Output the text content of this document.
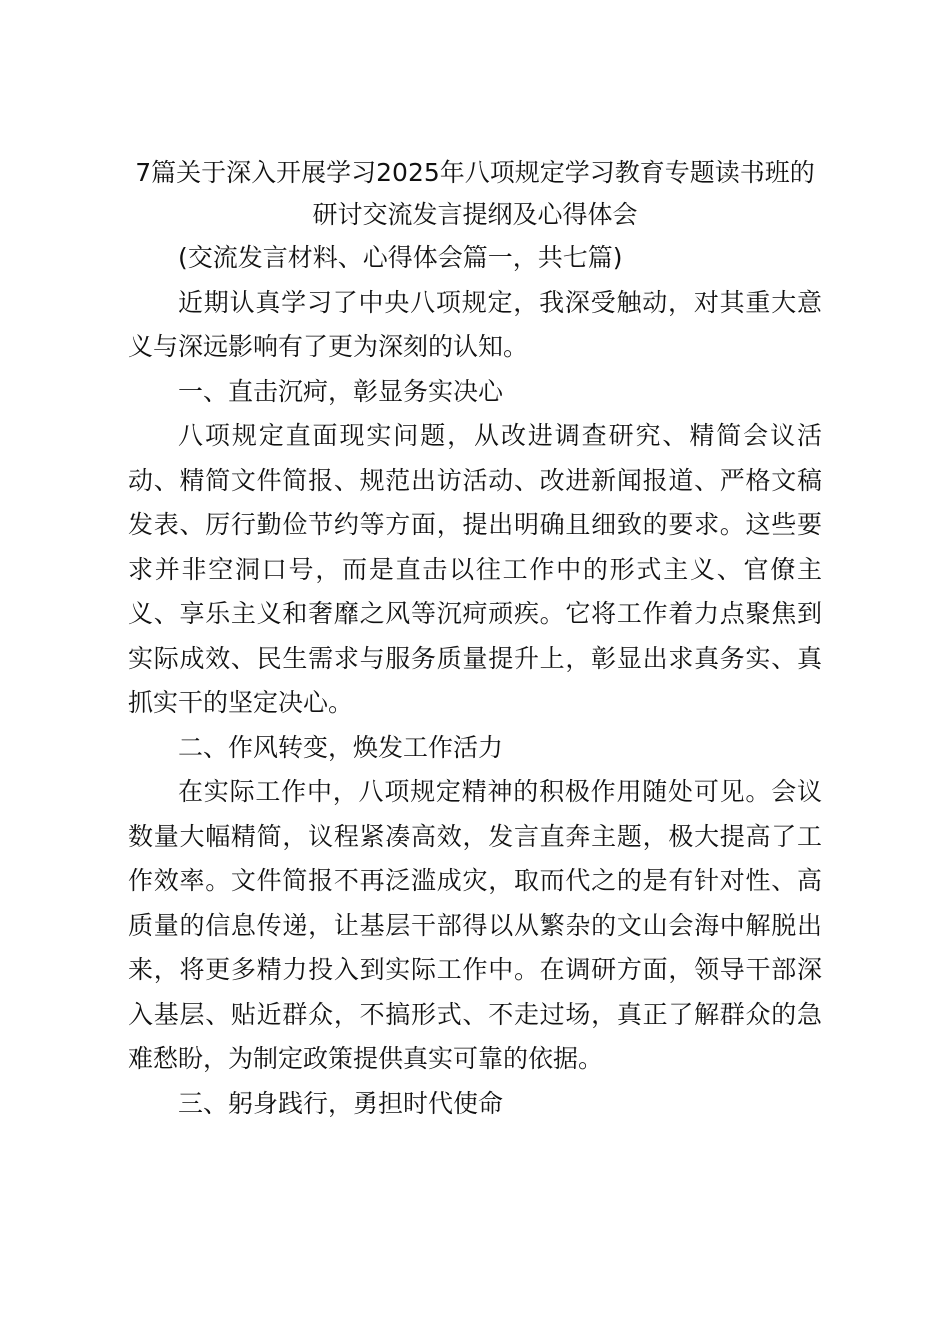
7篇关于深入开展学习2025年八项规定学习教育专题读书班的
研讨交流发言提纲及心得体会

(交流发言材料、心得体会篇一，共七篇)

近期认真学习了中央八项规定，我深受触动，对其重大意义与深远影响有了更为深刻的认知。

一、直击沉疴，彰显务实决心

八项规定直面现实问题，从改进调查研究、精简会议活动、精简文件简报、规范出访活动、改进新闻报道、严格文稿发表、厉行勤俭节约等方面，提出明确且细致的要求。这些要求并非空洞口号，而是直击以往工作中的形式主义、官僚主义、享乐主义和奢靡之风等沉疴顽疾。它将工作着力点聚焦到实际成效、民生需求与服务质量提升上，彰显出求真务实、真抓实干的坚定决心。

二、作风转变，焕发工作活力

在实际工作中，八项规定精神的积极作用随处可见。会议数量大幅精简，议程紧凑高效，发言直奔主题，极大提高了工作效率。文件简报不再泛滥成灾，取而代之的是有针对性、高质量的信息传递，让基层干部得以从繁杂的文山会海中解脱出来，将更多精力投入到实际工作中。在调研方面，领导干部深入基层、贴近群众，不搞形式、不走过场，真正了解群众的急难愁盼，为制定政策提供真实可靠的依据。

三、躬身践行，勇担时代使命
